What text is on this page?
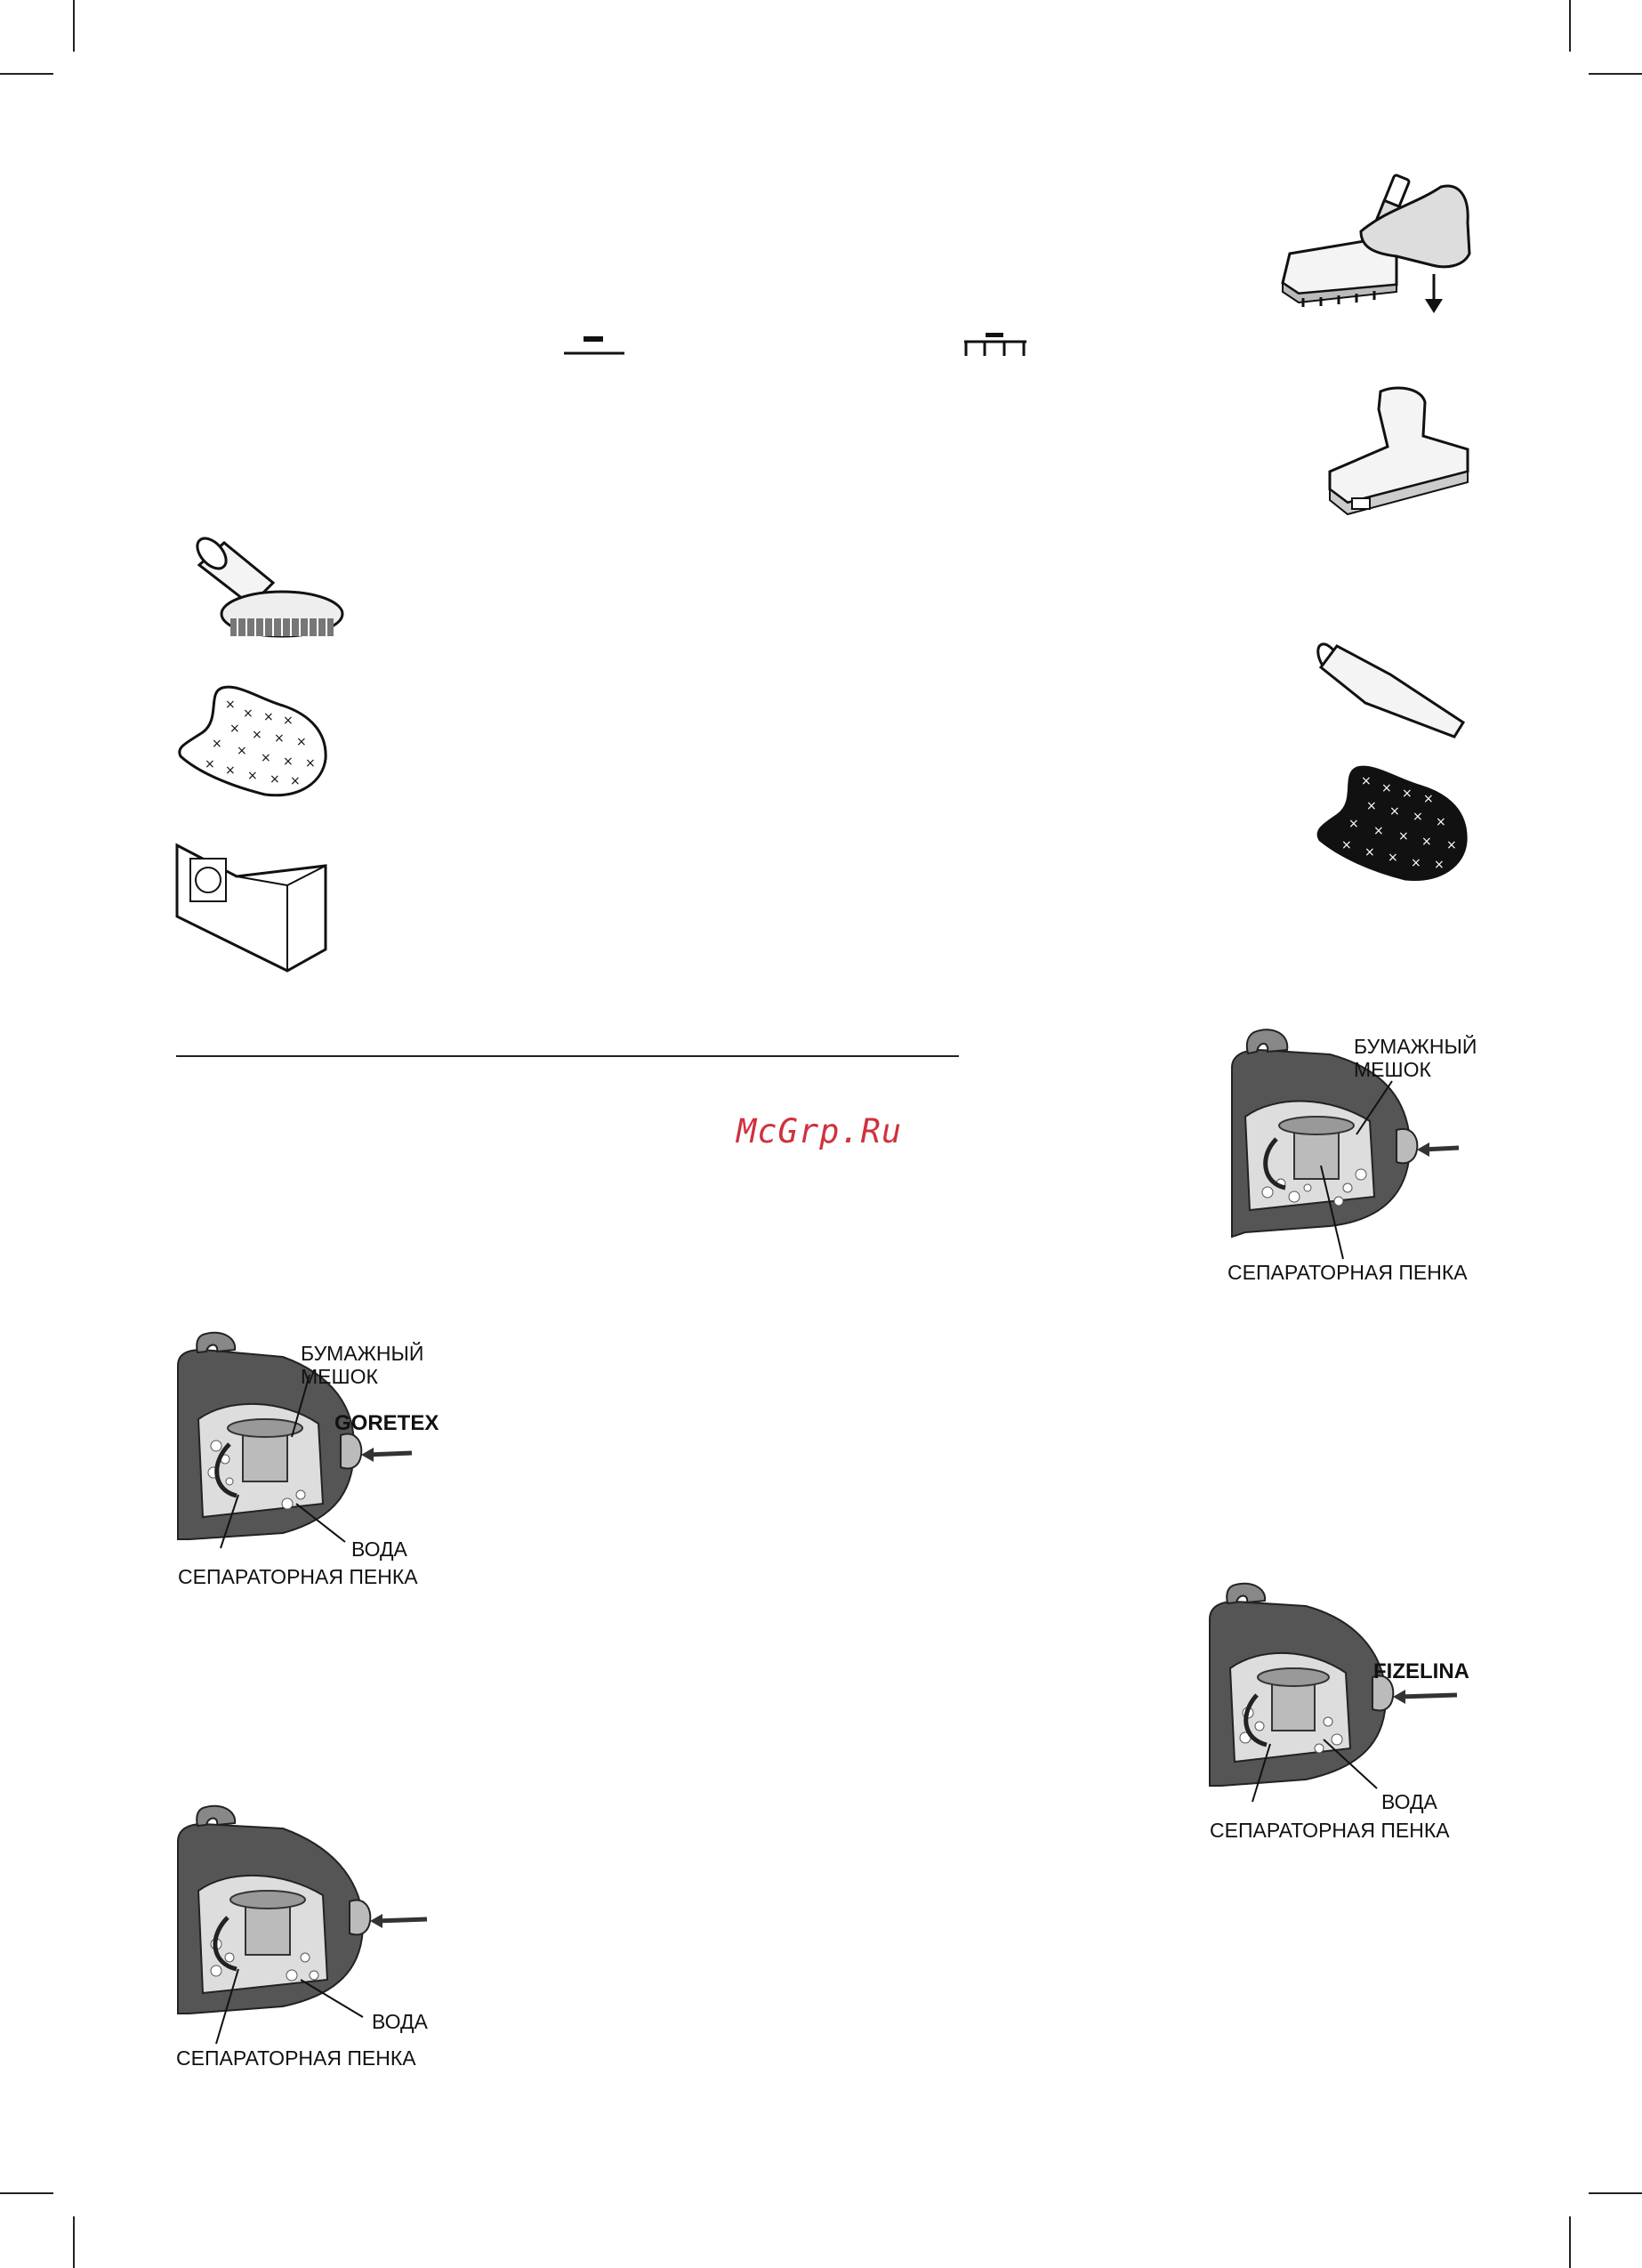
×
× × ×
× × × ×
× × × × ×
× × × × ×	× × × ×
× × × ×
× × × × ×
× × × × ×
McGrp.Ru
БУМАЖНЫЙ
МЕШОК
СЕПАРАТОРНАЯ ПЕНКА
БУМАЖНЫЙ
МЕШОК
GORETEX
ВОДА
СЕПАРАТОРНАЯ ПЕНКА
FIZELINA
ВОДА
СЕПАРАТОРНАЯ ПЕНКА
ВОДА
СЕПАРАТОРНАЯ ПЕНКА
